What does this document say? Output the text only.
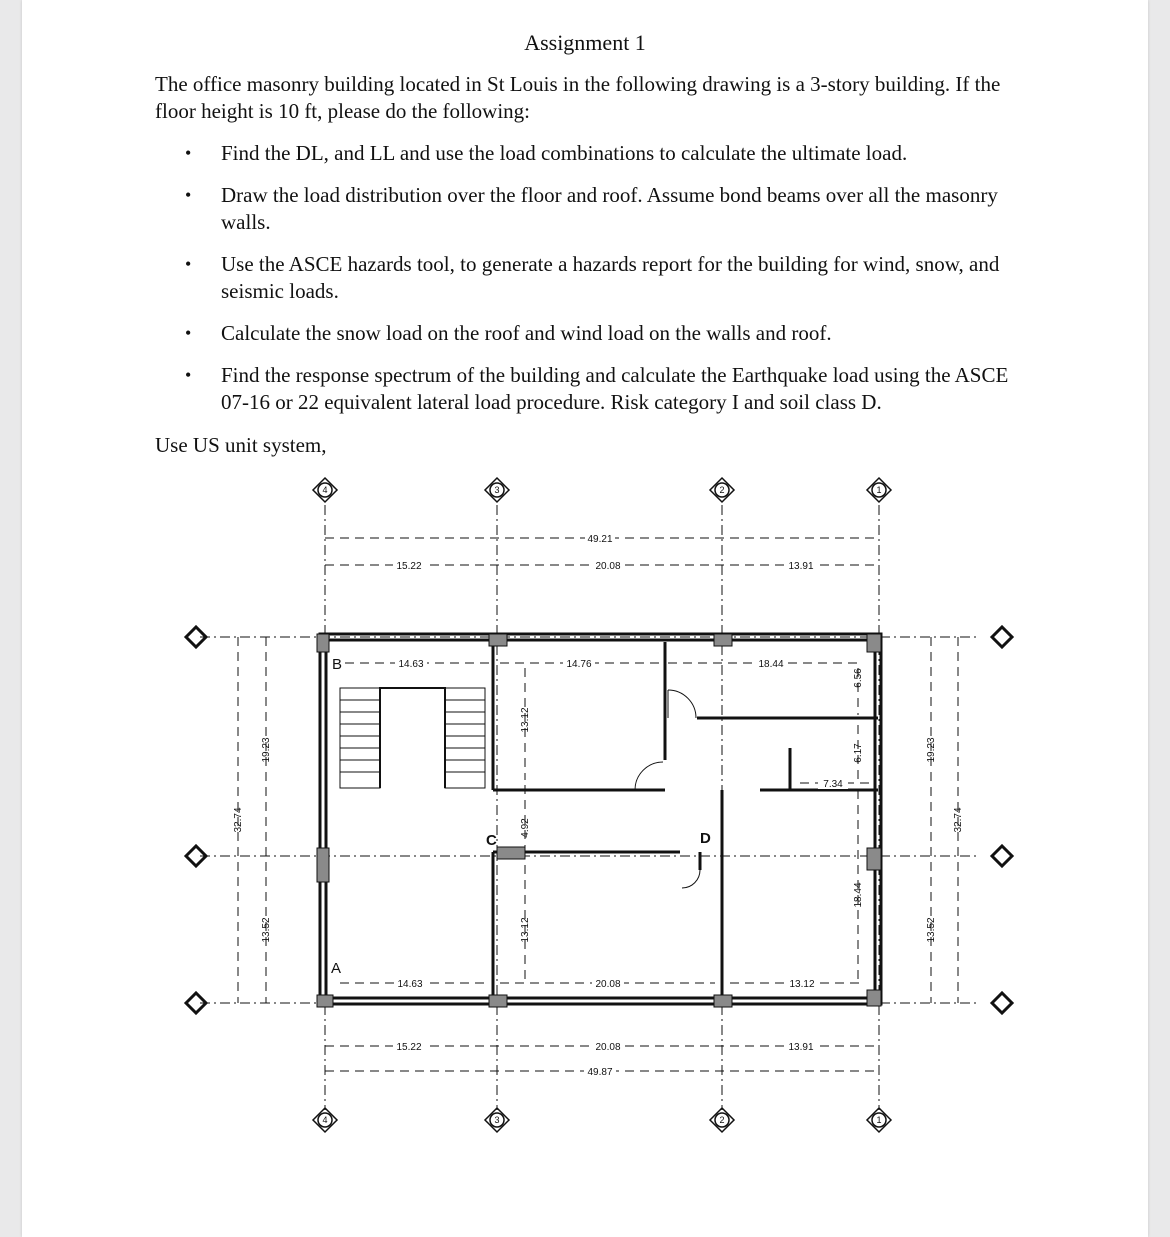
Assignment 1
The office masonry building located in St Louis in the following drawing is a 3-story building. If the floor height is 10 ft, please do the following:
• Find the DL, and LL and use the load combinations to calculate the ultimate load.
• Draw the load distribution over the floor and roof. Assume bond beams over all the masonry walls.
• Use the ASCE hazards tool, to generate a hazards report for the building for wind, snow, and seismic loads.
• Calculate the snow load on the roof and wind load on the walls and roof.
• Find the response spectrum of the building and calculate the Earthquake load using the ASCE 07-16 or 22 equivalent lateral load procedure. Risk category I and soil class D.
Use US unit system,
4	3	2	1
4	3	2	1
B
A
C	D
49.21
15.22	20.08	13.91
15.22	20.08	13.91
49.87
14.63	14.76	18.44
14.63	20.08	13.12
7.34
32.74
19.23
13.52
19.23
32.74
13.52
13.12
4.92
13.12
6.56
6.17
18.44
